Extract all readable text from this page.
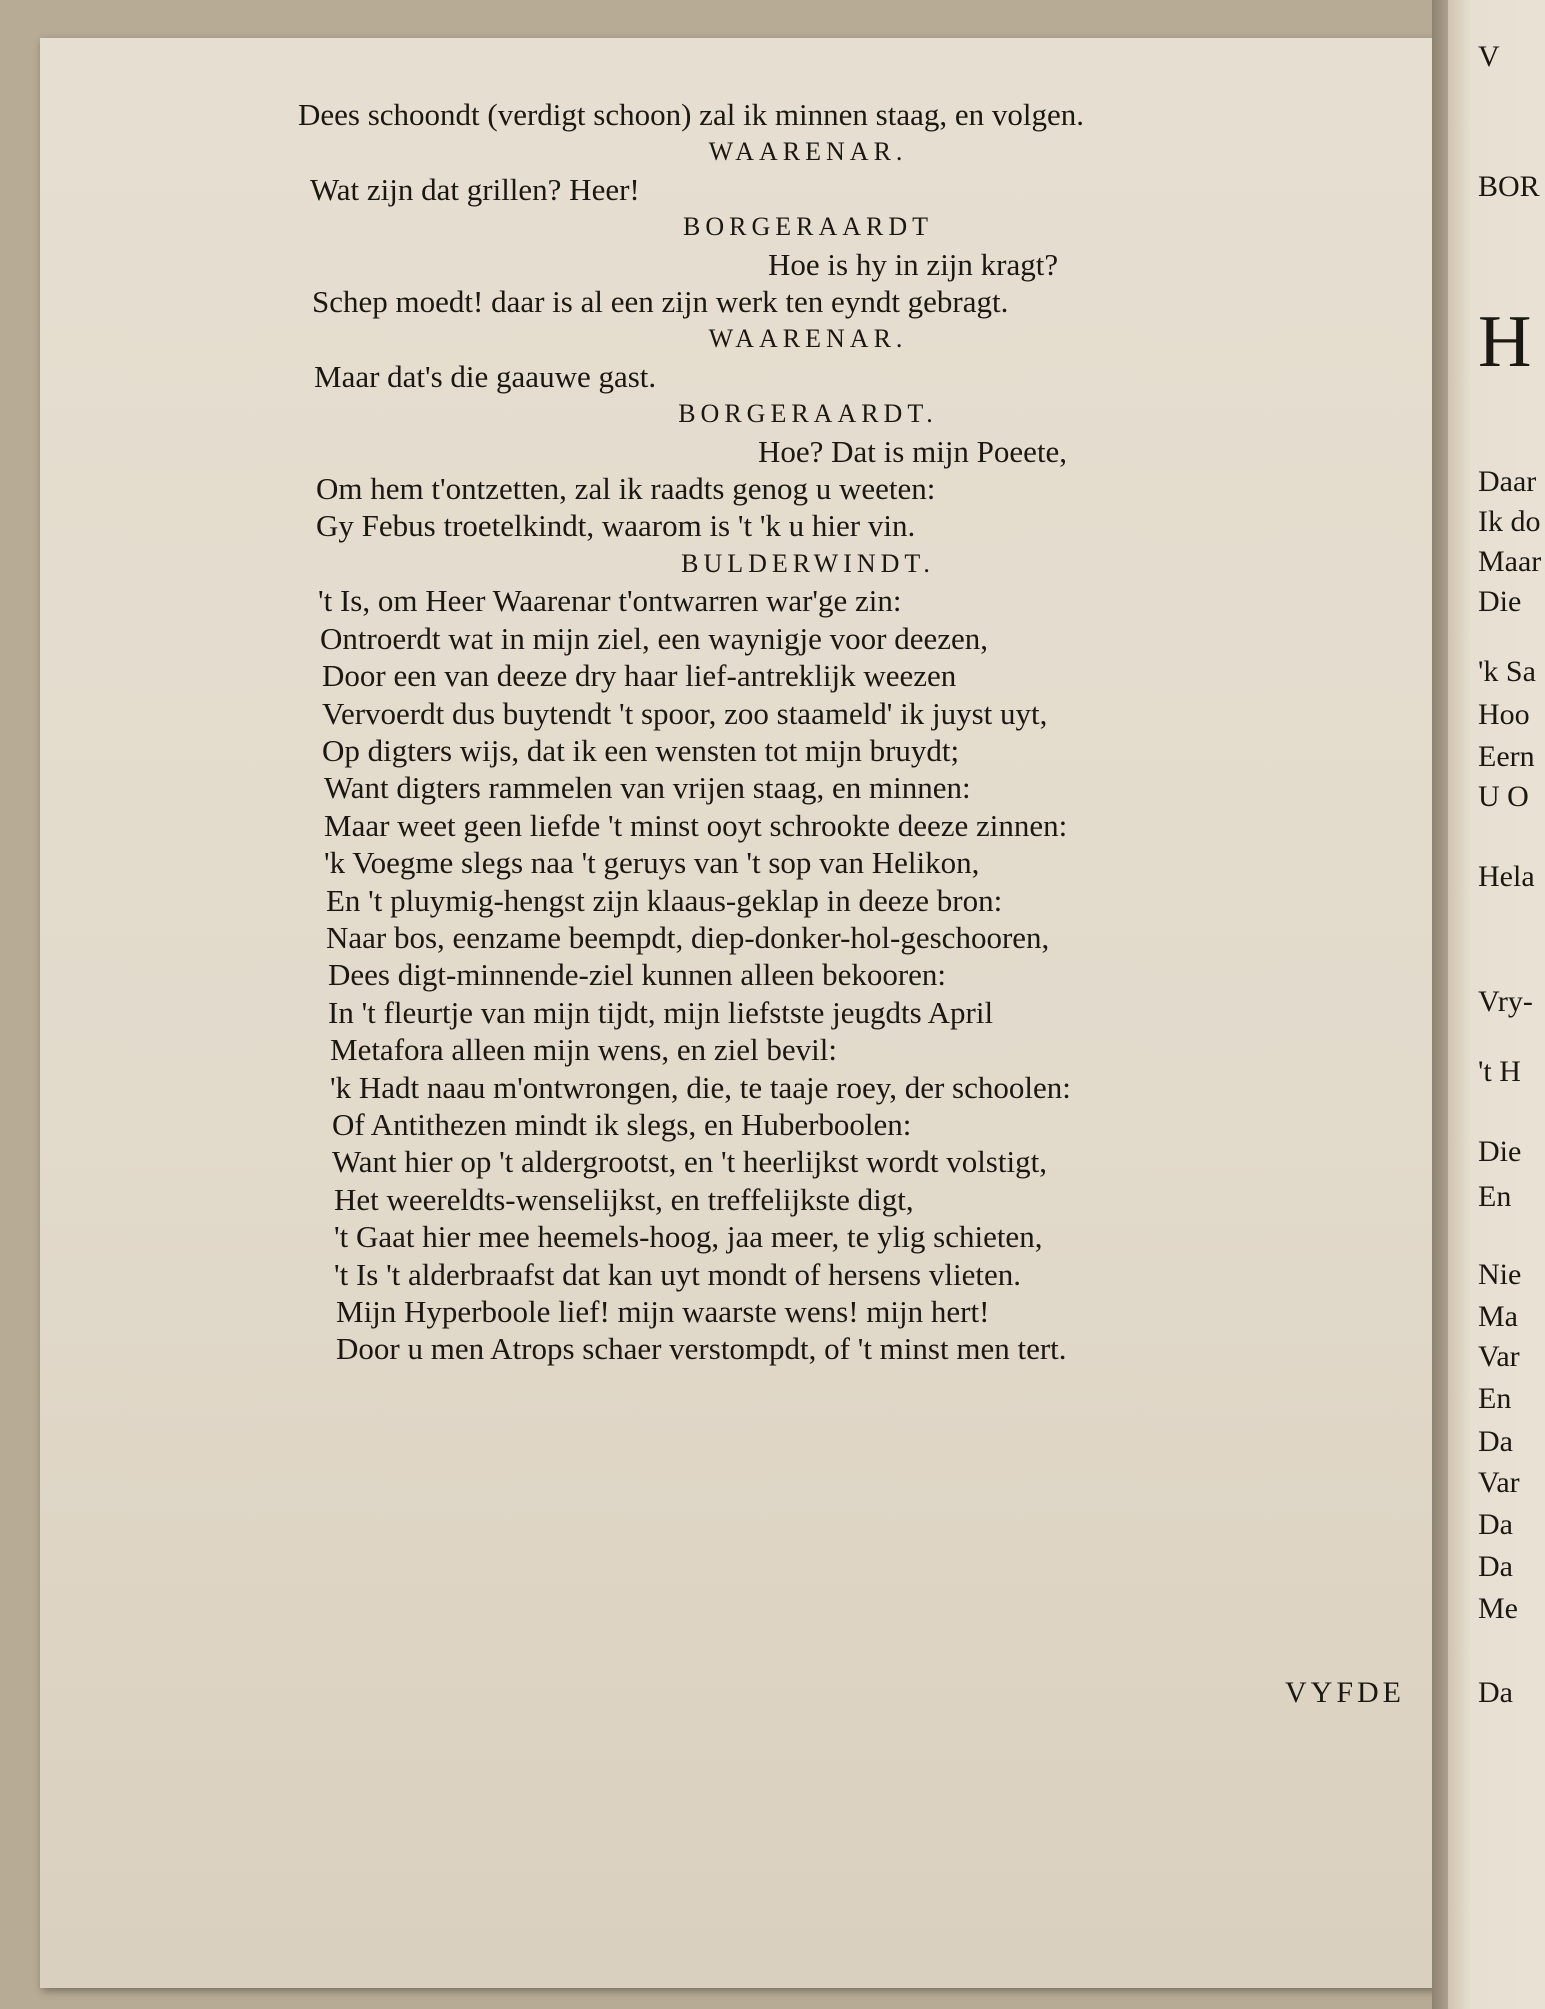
Dees schoondt (verdigt schoon) zal ik minnen staag, en volgen.
WAARENAR.
Wat zijn dat grillen? Heer!
BORGERAARDT
Hoe is hy in zijn kragt?
Schep moedt! daar is al een zijn werk ten eyndt gebragt.
WAARENAR.
Maar dat's die gaauwe gast.
BORGERAARDT.
Hoe? Dat is mijn Poeete,
Om hem t'ontzetten, zal ik raadts genog u weeten:
Gy Febus troetelkindt, waarom is 't 'k u hier vin.
BULDERWINDT.
't Is, om Heer Waarenar t'ontwarren war'ge zin:
Ontroerdt wat in mijn ziel, een waynigje voor deezen,
Door een van deeze dry haar lief-antreklijk weezen
Vervoerdt dus buytendt 't spoor, zoo staameld' ik juyst uyt,
Op digters wijs, dat ik een wensten tot mijn bruydt;
Want digters rammelen van vrijen staag, en minnen:
Maar weet geen liefde 't minst ooyt schrookte deeze zinnen:
'k Voegme slegs naa 't geruys van 't sop van Helikon,
En 't pluymig-hengst zijn klaaus-geklap in deeze bron:
Naar bos, eenzame beempdt, diep-donker-hol-geschooren,
Dees digt-minnende-ziel kunnen alleen bekooren:
In 't fleurtje van mijn tijdt, mijn liefstste jeugdts April
Metafora alleen mijn wens, en ziel bevil:
'k Hadt naau m'ontwrongen, die, te taaje roey, der schoolen:
Of Antithezen mindt ik slegs, en Huberboolen:
Want hier op 't aldergrootst, en 't heerlijkst wordt volstigt,
Het weereldts-wenselijkst, en treffelijkste digt,
't Gaat hier mee heemels-hoog, jaa meer, te ylig schieten,
't Is 't alderbraafst dat kan uyt mondt of hersens vlieten.
Mijn Hyperboole lief! mijn waarste wens! mijn hert!
Door u men Atrops schaer verstompdt, of 't minst men tert.
VYFDE
V
BOR
H
Daar
Ik do
Maar
Die
'k Sa
Hoo
Eern
U O
Hela
Vry-
't H
Die
En
Nie
Ma
Var
En
Da
Var
Da
Da
Me
Da
